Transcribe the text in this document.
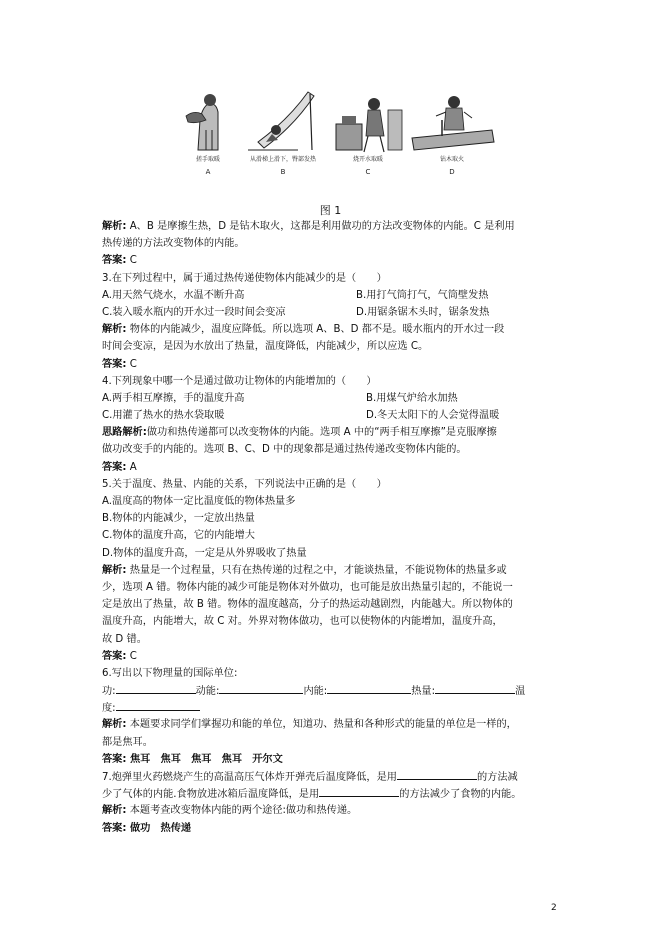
搓手取暖
A
从滑梯上滑下，臀部发热
B
烧开水取暖
C
钻木取火
D
图 1
解析: A、B 是摩擦生热，D 是钻木取火，这都是利用做功的方法改变物体的内能。C 是利用
热传递的方法改变物体的内能。
答案: C
3.在下列过程中，属于通过热传递使物体内能减少的是（　　）
A.用天然气烧水，水温不断升高	B.用打气筒打气，气筒壁发热
C.装入暖水瓶内的开水过一段时间会变凉	D.用锯条锯木头时，锯条发热
解析: 物体的内能减少，温度应降低。所以选项 A、B、D 都不是。暖水瓶内的开水过一段
时间会变凉，是因为水放出了热量，温度降低，内能减少，所以应选 C。
答案: C
4.下列现象中哪一个是通过做功让物体的内能增加的（　　）
A.两手相互摩擦，手的温度升高	B.用煤气炉给水加热
C.用灌了热水的热水袋取暖	D.冬天太阳下的人会觉得温暖
思路解析:做功和热传递都可以改变物体的内能。选项 A 中的“两手相互摩擦”是克服摩擦
做功改变手的内能的。选项 B、C、D 中的现象都是通过热传递改变物体内能的。
答案: A
5.关于温度、热量、内能的关系，下列说法中正确的是（　　）
A.温度高的物体一定比温度低的物体热量多
B.物体的内能减少，一定放出热量
C.物体的温度升高，它的内能增大
D.物体的温度升高，一定是从外界吸收了热量
解析: 热量是一个过程量，只有在热传递的过程之中，才能谈热量，不能说物体的热量多或
少，选项 A 错。物体内能的减少可能是物体对外做功，也可能是放出热量引起的，不能说一
定是放出了热量，故 B 错。物体的温度越高，分子的热运动越剧烈，内能越大。所以物体的
温度升高，内能增大，故 C 对。外界对物体做功，也可以使物体的内能增加，温度升高，
故 D 错。
答案: C
6.写出以下物理量的国际单位:
功:	动能:	内能:	热量:	温
度:
解析: 本题要求同学们掌握功和能的单位，知道功、热量和各种形式的能量的单位是一样的，
都是焦耳。
答案: 焦耳　焦耳　焦耳　焦耳　开尔文
7.炮弹里火药燃烧产生的高温高压气体炸开弹壳后温度降低，是用	的方法减
少了气体的内能.食物放进冰箱后温度降低，是用	的方法减少了食物的内能。
解析: 本题考查改变物体内能的两个途径:做功和热传递。
答案: 做功　热传递
2
